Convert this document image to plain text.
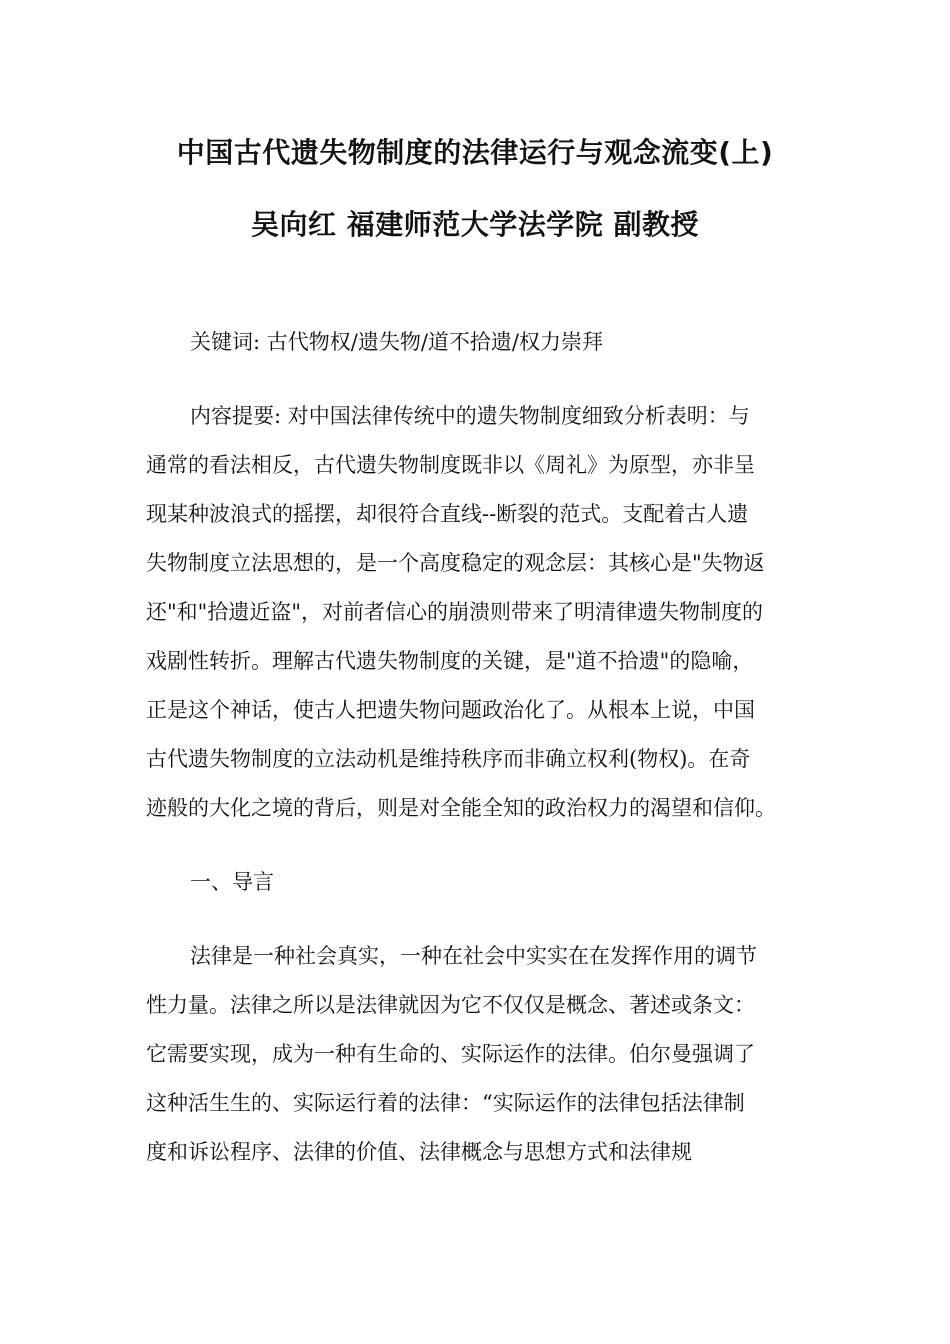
中国古代遗失物制度的法律运行与观念流变(上)
吴向红 福建师范大学法学院 副教授

关键词: 古代物权/遗失物/道不拾遗/权力崇拜

内容提要: 对中国法律传统中的遗失物制度细致分析表明：与

通常的看法相反，古代遗失物制度既非以《周礼》为原型，亦非呈

现某种波浪式的摇摆，却很符合直线--断裂的范式。支配着古人遗

失物制度立法思想的，是一个高度稳定的观念层：其核心是"失物返

还"和"拾遗近盗"，对前者信心的崩溃则带来了明清律遗失物制度的

戏剧性转折。理解古代遗失物制度的关键，是"道不拾遗"的隐喻，

正是这个神话，使古人把遗失物问题政治化了。从根本上说，中国

古代遗失物制度的立法动机是维持秩序而非确立权利(物权)。在奇

迹般的大化之境的背后，则是对全能全知的政治权力的渴望和信仰。

一、导言

法律是一种社会真实，一种在社会中实实在在发挥作用的调节

性力量。法律之所以是法律就因为它不仅仅是概念、著述或条文：

它需要实现，成为一种有生命的、实际运作的法律。伯尔曼强调了

这种活生生的、实际运行着的法律：“实际运作的法律包括法律制

度和诉讼程序、法律的价值、法律概念与思想方式和法律规
